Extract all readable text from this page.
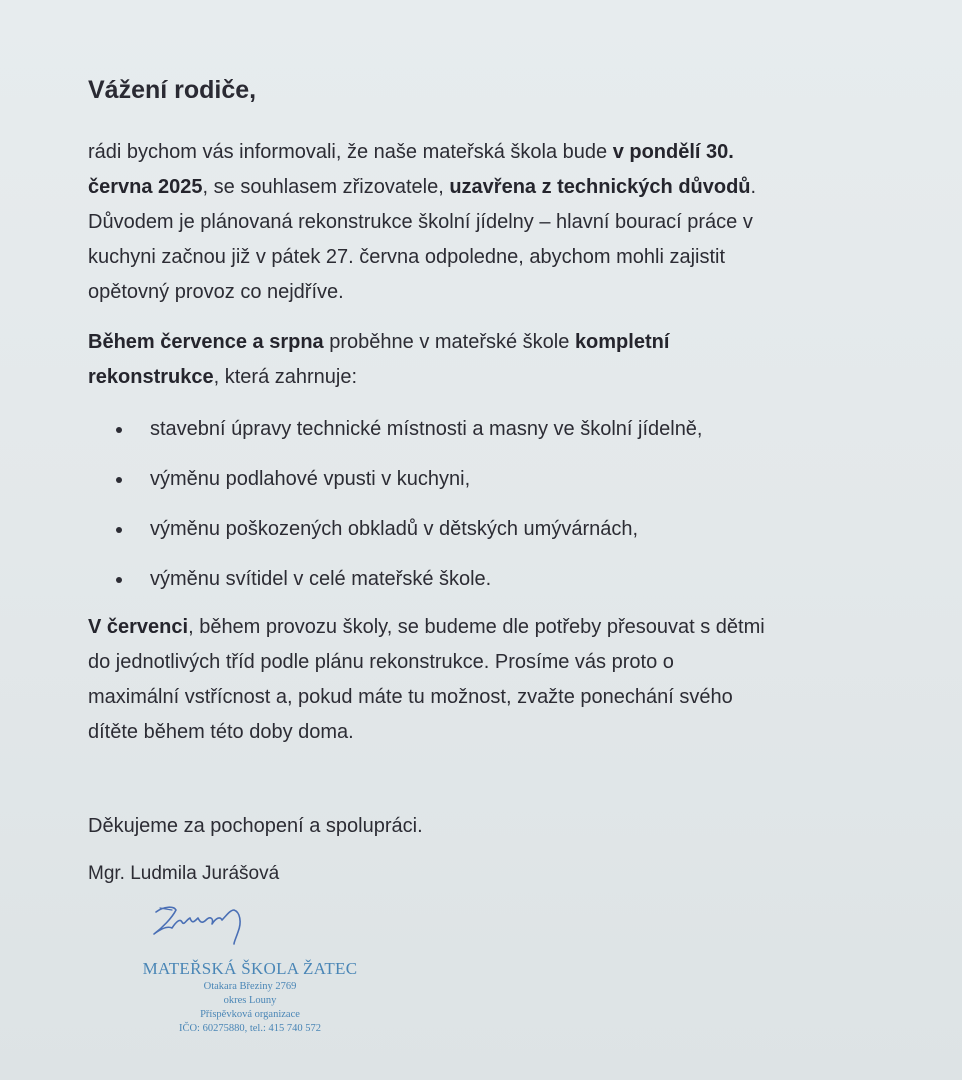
Vážení rodiče,

rádi bychom vás informovali, že naše mateřská škola bude v pondělí 30.
června 2025, se souhlasem zřizovatele, uzavřena z technických důvodů.
Důvodem je plánovaná rekonstrukce školní jídelny – hlavní bourací práce v
kuchyni začnou již v pátek 27. června odpoledne, abychom mohli zajistit
opětovný provoz co nejdříve.

Během července a srpna proběhne v mateřské škole kompletní
rekonstrukce, která zahrnuje:

stavební úpravy technické místnosti a masny ve školní jídelně,
výměnu podlahové vpusti v kuchyni,
výměnu poškozených obkladů v dětských umývárnách,
výměnu svítidel v celé mateřské škole.

V červenci, během provozu školy, se budeme dle potřeby přesouvat s dětmi
do jednotlivých tříd podle plánu rekonstrukce. Prosíme vás proto o
maximální vstřícnost a, pokud máte tu možnost, zvažte ponechání svého
dítěte během této doby doma.

Děkujeme za pochopení a spolupráci.

Mgr. Ludmila Jurášová

MATEŘSKÁ ŠKOLA ŽATEC
Otakara Březiny 2769
okres Louny
Příspěvková organizace
IČO: 60275880, tel.: 415 740 572
